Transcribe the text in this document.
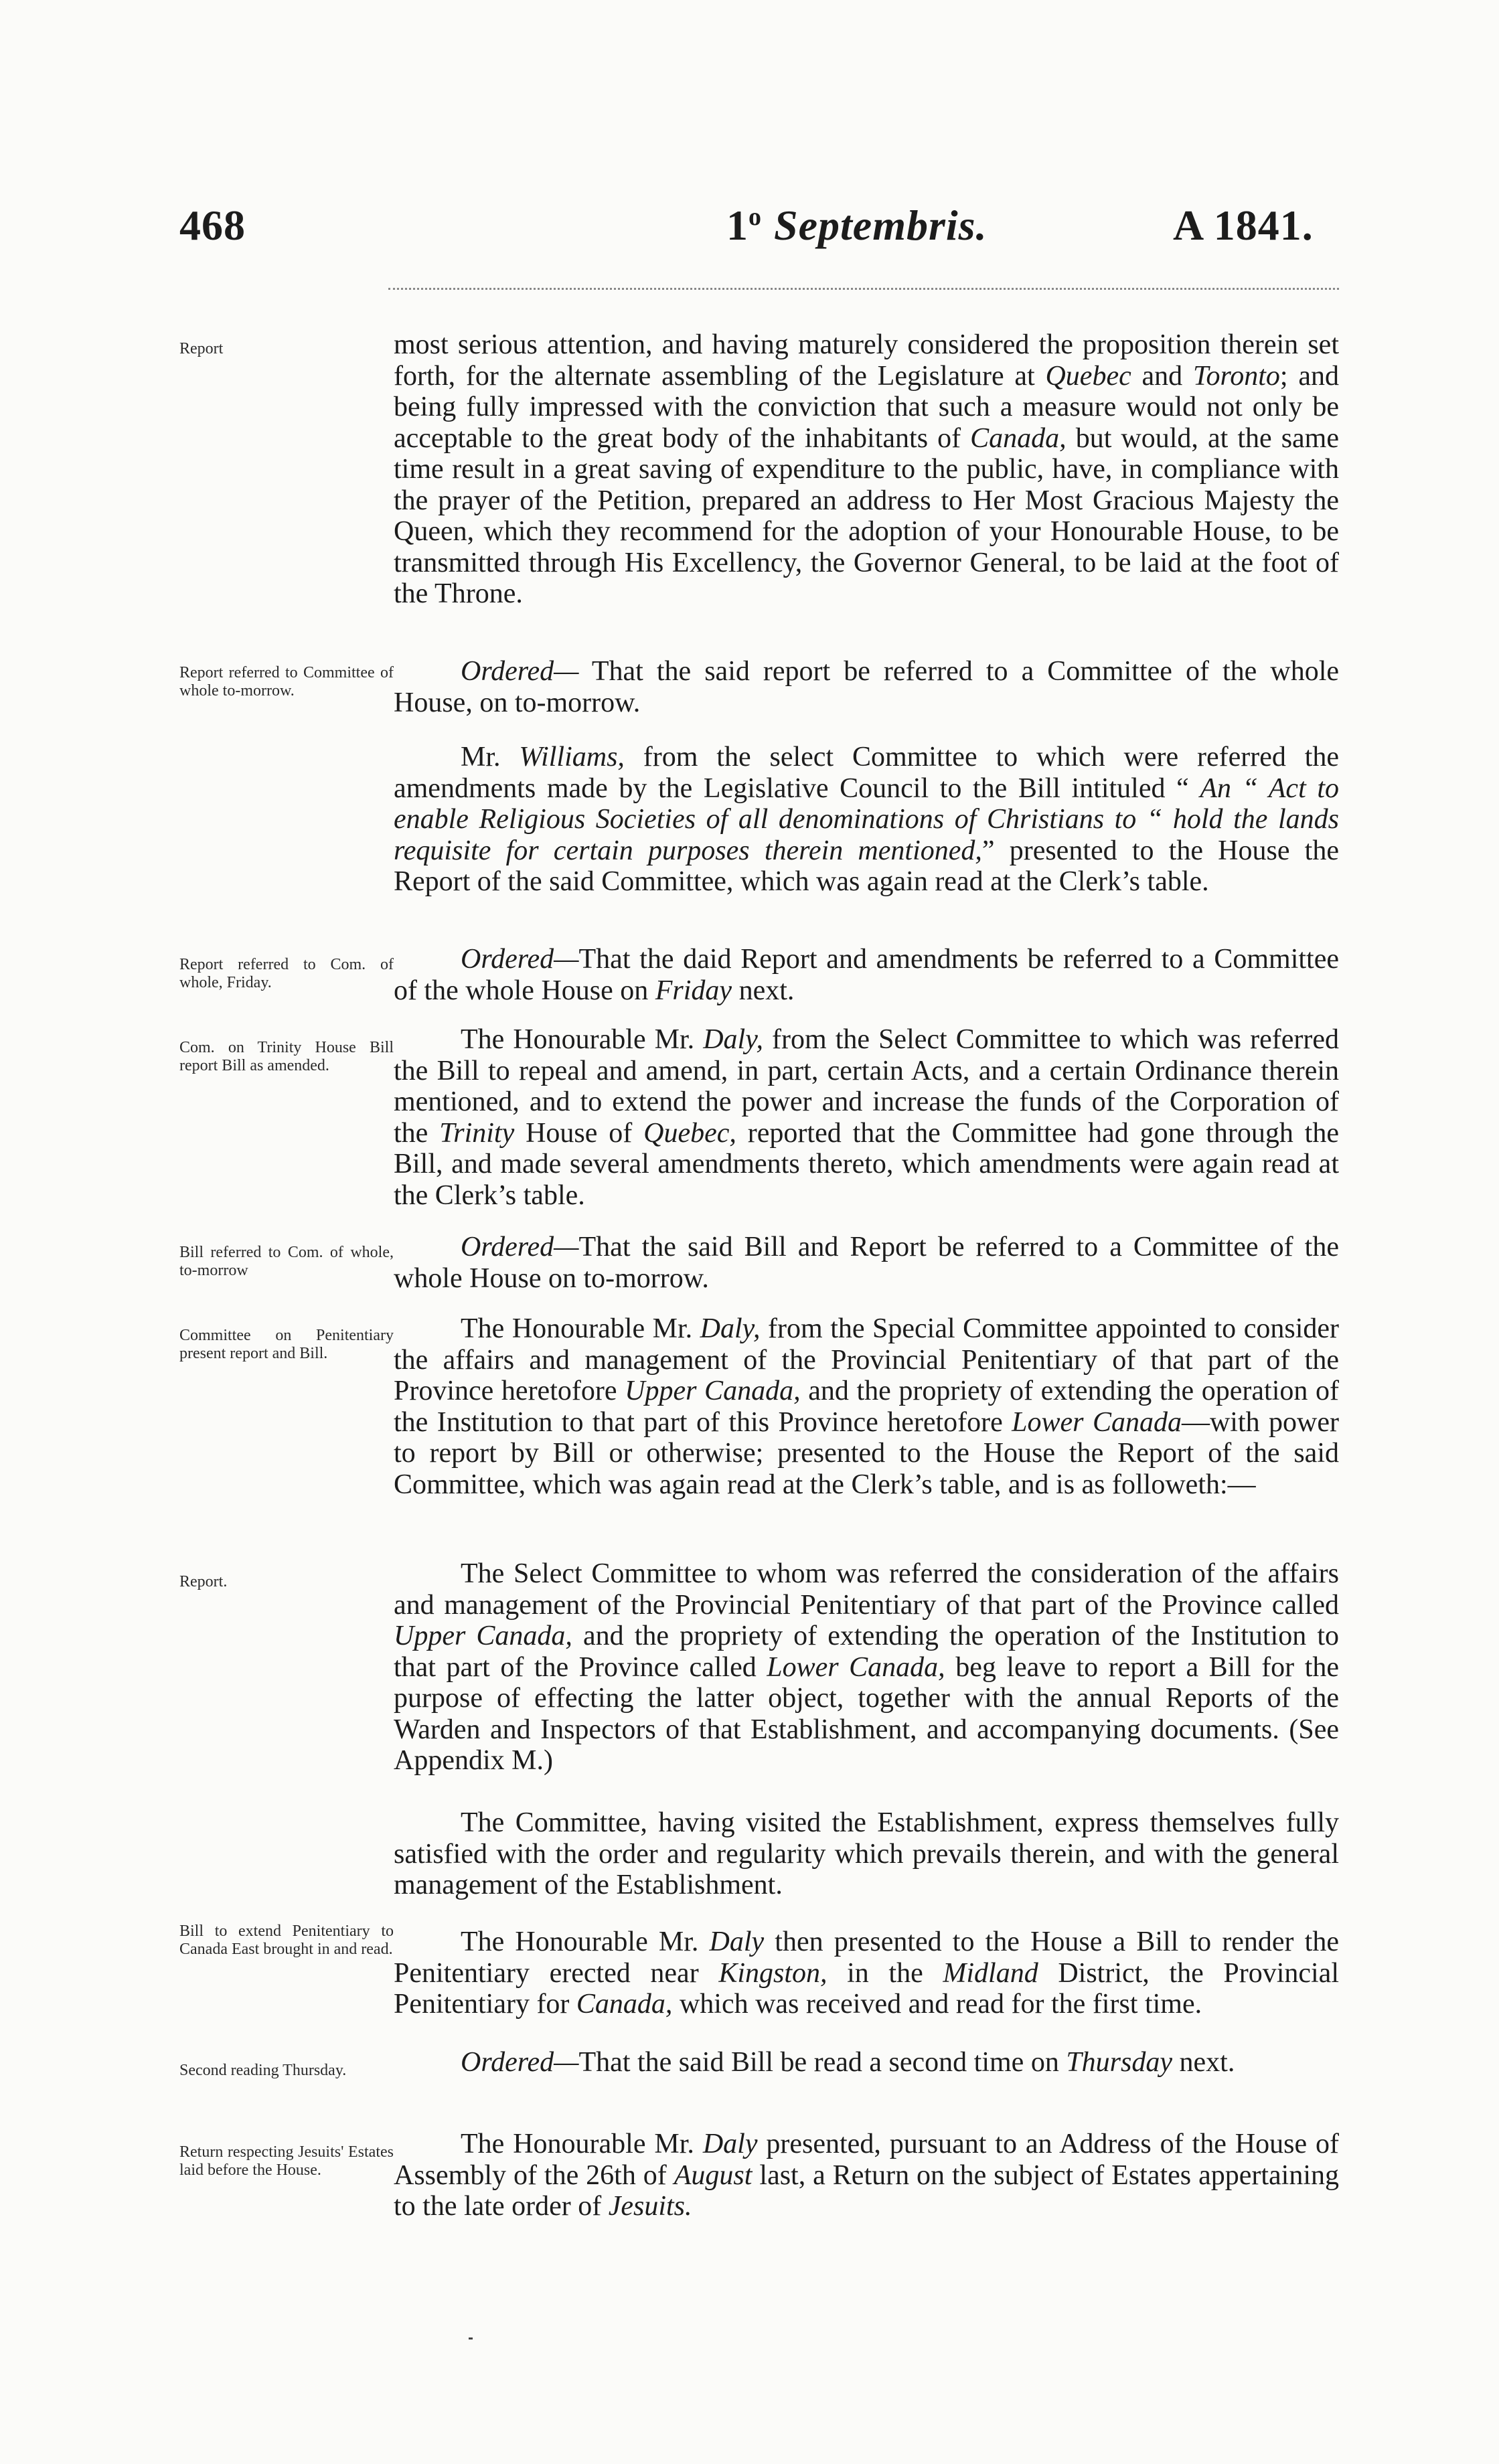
468	1$^o$ Septembris.	A 1841.
Report
Report referred to Committee of whole to-morrow.
Report referred to Com. of whole, Friday.
Com. on Trinity House Bill report Bill as amended.
Bill referred to Com. of whole, to-morrow
Committee on Penitentiary present report and Bill.
Report.
Bill to extend Penitentiary to Canada East brought in and read.
Second reading Thursday.
Return respecting Jesuits' Estates laid before the House.

most serious attention, and having maturely considered the proposition therein set forth, for the alternate assembling of the Legislature at Quebec and Toronto; and being fully impressed with the conviction that such a measure would not only be acceptable to the great body of the inhabitants of Canada, but would, at the same time result in a great saving of expenditure to the public, have, in compliance with the prayer of the Petition, prepared an address to Her Most Gracious Majesty the Queen, which they recommend for the adoption of your Honourable House, to be transmitted through His Excellency, the Governor General, to be laid at the foot of the Throne.

Ordered— That the said report be referred to a Committee of the whole House, on to-morrow.

Mr. Williams, from the select Committee to which were referred the amendments made by the Legislative Council to the Bill intituled “ An “ Act to enable Religious Societies of all denominations of Christians to “ hold the lands requisite for certain purposes therein mentioned,” presented to the House the Report of the said Committee, which was again read at the Clerk’s table.

Ordered—That the daid Report and amendments be referred to a Committee of the whole House on Friday next.

The Honourable Mr. Daly, from the Select Committee to which was referred the Bill to repeal and amend, in part, certain Acts, and a certain Ordinance therein mentioned, and to extend the power and increase the funds of the Corporation of the Trinity House of Quebec, reported that the Committee had gone through the Bill, and made several amendments thereto, which amendments were again read at the Clerk’s table.

Ordered—That the said Bill and Report be referred to a Committee of the whole House on to-morrow.

The Honourable Mr. Daly, from the Special Committee appointed to consider the affairs and management of the Provincial Penitentiary of that part of the Province heretofore Upper Canada, and the propriety of extending the operation of the Institution to that part of this Province heretofore Lower Canada—with power to report by Bill or otherwise; presented to the House the Report of the said Committee, which was again read at the Clerk’s table, and is as followeth:—

The Select Committee to whom was referred the consideration of the affairs and management of the Provincial Penitentiary of that part of the Province called Upper Canada, and the propriety of extending the operation of the Institution to that part of the Province called Lower Canada, beg leave to report a Bill for the purpose of effecting the latter object, together with the annual Reports of the Warden and Inspectors of that Establishment, and accompanying documents. (See Appendix M.)

The Committee, having visited the Establishment, express themselves fully satisfied with the order and regularity which prevails therein, and with the general management of the Establishment.

The Honourable Mr. Daly then presented to the House a Bill to render the Penitentiary erected near Kingston, in the Midland District, the Provincial Penitentiary for Canada, which was received and read for the first time.

Ordered—That the said Bill be read a second time on Thursday next.

The Honourable Mr. Daly presented, pursuant to an Address of the House of Assembly of the 26th of August last, a Return on the subject of Estates appertaining to the late order of Jesuits.
